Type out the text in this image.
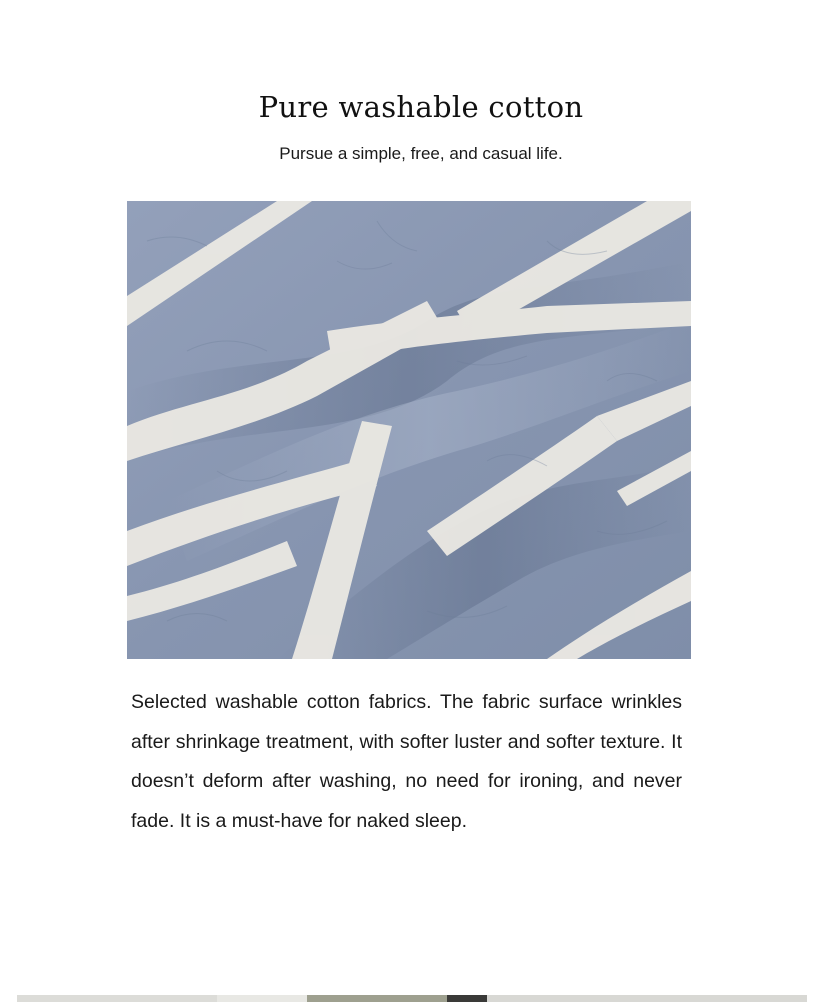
Pure washable cotton

Pursue a simple, free, and casual life.

Selected washable cotton fabrics. The fabric surface wrinkles after shrinkage treatment, with softer luster and softer texture. It doesn’t deform after washing, no need for ironing, and never fade. It is a must-have for naked sleep.
